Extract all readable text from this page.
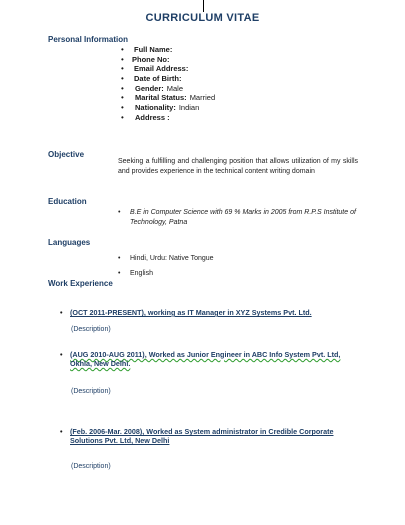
CURRICULUM VITAE
Personal Information
• Full Name:
• Phone No:
• Email Address:
• Date of Birth:
• Gender: Male
• Marital Status: Married
• Nationality: Indian
• Address :
Objective
Seeking a fulfilling and challenging position that allows utilization of my skills and provides experience in the technical content writing domain
Education
• B.E in Computer Science with 69 % Marks in 2005 from R.P.S Institute of Technology, Patna
Languages
• Hindi, Urdu: Native Tongue
• English
Work Experience
•	(OCT 2011-PRESENT), working as IT Manager in XYZ Systems Pvt. Ltd.
(Description)
•	(AUG 2010-AUG 2011), Worked as Junior Engineer in ABC Info System Pvt. Ltd, Okhla, New Delhi.
(Description)
•	(Feb. 2006-Mar. 2008), Worked as System administrator in Credible Corporate Solutions Pvt. Ltd, New Delhi
(Description)
